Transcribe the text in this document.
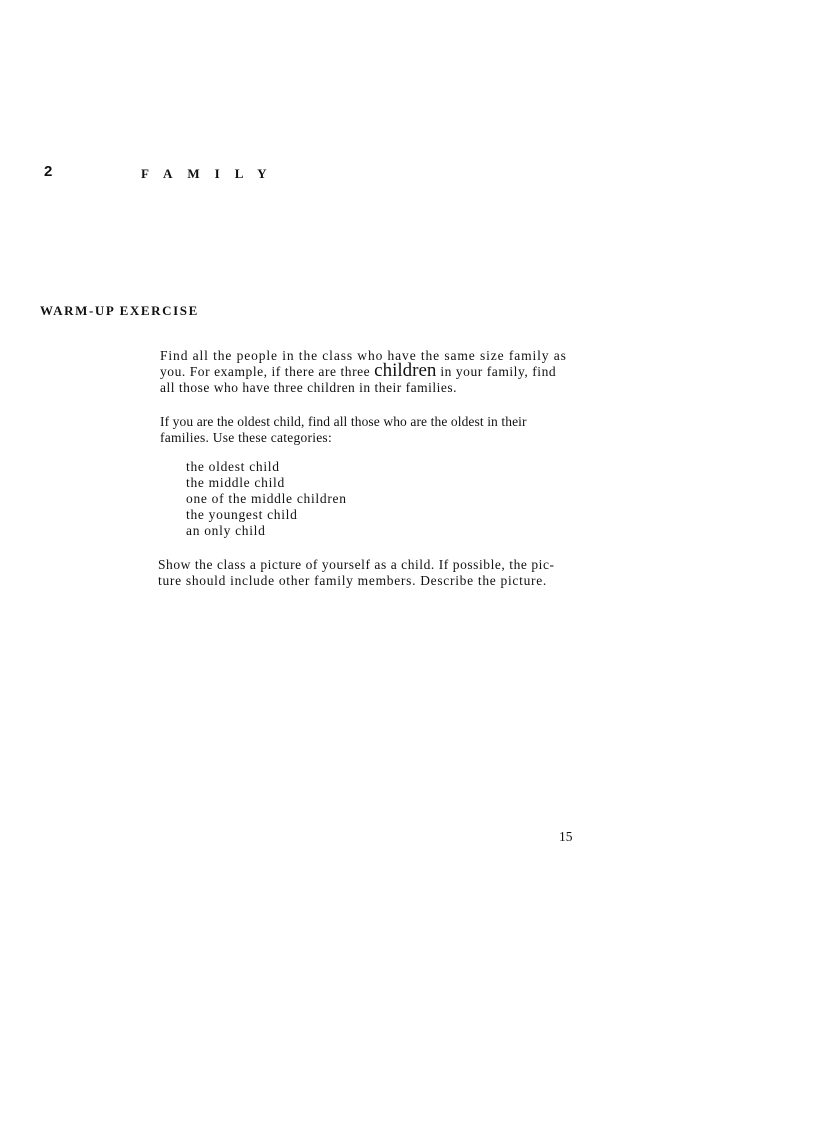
2	FAMILY
WARM-UP EXERCISE

Find all the people in the class who have the same size family as
you. For example, if there are three children in your family, find
all those who have three children in their families.

If you are the oldest child, find all those who are the oldest in their
families. Use these categories:

the oldest child
the middle child
one of the middle children
the youngest child
an only child

Show the class a picture of yourself as a child. If possible, the pic-
ture should include other family members. Describe the picture.

15
